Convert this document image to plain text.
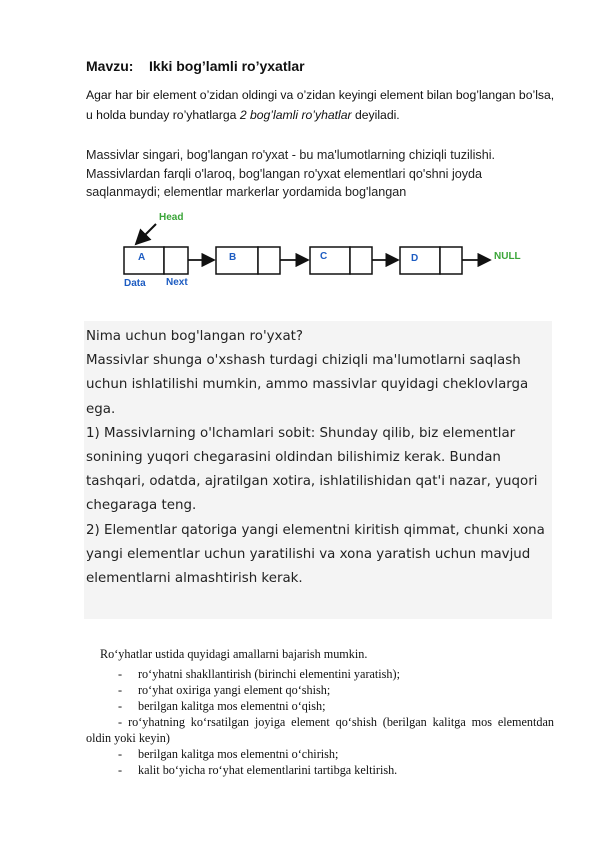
Mavzu: Ikki bog’lamli ro’yxatlar
Agar har bir element o’zidan oldingi va o’zidan keyingi element bilan bog’langan bo’lsa, u holda bunday ro’yhatlarga 2 bog’lamli ro’yhatlar deyiladi.
Massivlar singari, bog'langan ro'yxat - bu ma'lumotlarning chiziqli tuzilishi. Massivlardan farqli o'laroq, bog'langan ro'yxat elementlari qo'shni joyda saqlanmaydi; elementlar markerlar yordamida bog'langan
Head
A	B	C	D	NULL
Data Next

Nima uchun bog'langan ro'yxat?

Massivlar shunga o'xshash turdagi chiziqli ma'lumotlarni saqlash uchun ishlatilishi mumkin, ammo massivlar quyidagi cheklovlarga ega.

1) Massivlarning o'lchamlari sobit: Shunday qilib, biz elementlar sonining yuqori chegarasini oldindan bilishimiz kerak. Bundan tashqari, odatda, ajratilgan xotira, ishlatilishidan qat'i nazar, yuqori chegaraga teng.

2) Elementlar qatoriga yangi elementni kiritish qimmat, chunki xona yangi elementlar uchun yaratilishi va xona yaratish uchun mavjud elementlarni almashtirish kerak.

Ro‘yhatlar ustida quyidagi amallarni bajarish mumkin.

- ro‘yhatni shakllantirish (birinchi elementini yaratish);
- ro‘yhat oxiriga yangi element qo‘shish;
- berilgan kalitga mos elementni o‘qish;
- ro‘yhatning ko‘rsatilgan joyiga element qo‘shish (berilgan kalitga mos elementdan oldin yoki keyin)
- berilgan kalitga mos elementni o‘chirish;
- kalit bo‘yicha ro‘yhat elementlarini tartibga keltirish.
